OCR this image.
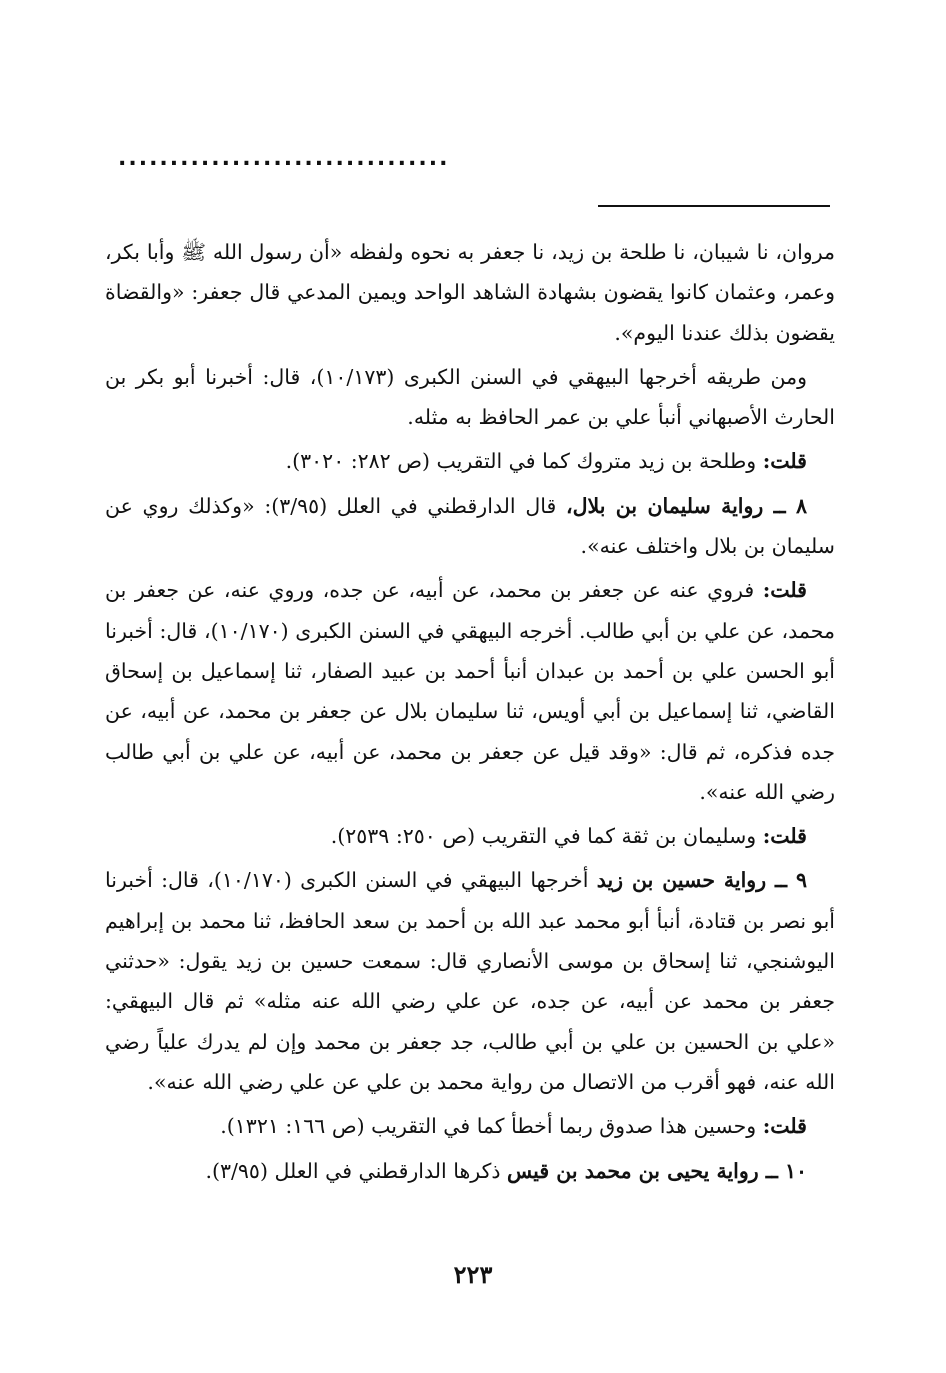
................................

مروان، نا شيبان، نا طلحة بن زيد، نا جعفر به نحوه ولفظه «أن رسول الله ﷺ وأبا بكر، وعمر، وعثمان كانوا يقضون بشهادة الشاهد الواحد ويمين المدعي قال جعفر: «والقضاة يقضون بذلك عندنا اليوم».

ومن طريقه أخرجها البيهقي في السنن الكبرى (١٠/١٧٣)، قال: أخبرنا أبو بكر بن الحارث الأصبهاني أنبأ علي بن عمر الحافظ به مثله.

قلت: وطلحة بن زيد متروك كما في التقريب (ص ٢٨٢: ٣٠٢٠).

٨ ــ رواية سليمان بن بلال، قال الدارقطني في العلل (٣/٩٥): «وكذلك روي عن سليمان بن بلال واختلف عنه».

قلت: فروي عنه عن جعفر بن محمد، عن أبيه، عن جده، وروي عنه، عن جعفر بن محمد، عن علي بن أبي طالب. أخرجه البيهقي في السنن الكبرى (١٠/١٧٠)، قال: أخبرنا أبو الحسن علي بن أحمد بن عبدان أنبأ أحمد بن عبيد الصفار، ثنا إسماعيل بن إسحاق القاضي، ثنا إسماعيل بن أبي أويس، ثنا سليمان بلال عن جعفر بن محمد، عن أبيه، عن جده فذكره، ثم قال: «وقد قيل عن جعفر بن محمد، عن أبيه، عن علي بن أبي طالب رضي الله عنه».

قلت: وسليمان بن ثقة كما في التقريب (ص ٢٥٠: ٢٥٣٩).

٩ ــ رواية حسين بن زيد أخرجها البيهقي في السنن الكبرى (١٠/١٧٠)، قال: أخبرنا أبو نصر بن قتادة، أنبأ أبو محمد عبد الله بن أحمد بن سعد الحافظ، ثنا محمد بن إبراهيم اليوشنجي، ثنا إسحاق بن موسى الأنصاري قال: سمعت حسين بن زيد يقول: «حدثني جعفر بن محمد عن أبيه، عن جده، عن علي رضي الله عنه مثله» ثم قال البيهقي: «علي بن الحسين بن علي بن أبي طالب، جد جعفر بن محمد وإن لم يدرك علياً رضي الله عنه، فهو أقرب من الاتصال من رواية محمد بن علي عن علي رضي الله عنه».

قلت: وحسين هذا صدوق ربما أخطأ كما في التقريب (ص ١٦٦: ١٣٢١).

١٠ ــ رواية يحيى بن محمد بن قيس ذكرها الدارقطني في العلل (٣/٩٥).

٢٢٣
